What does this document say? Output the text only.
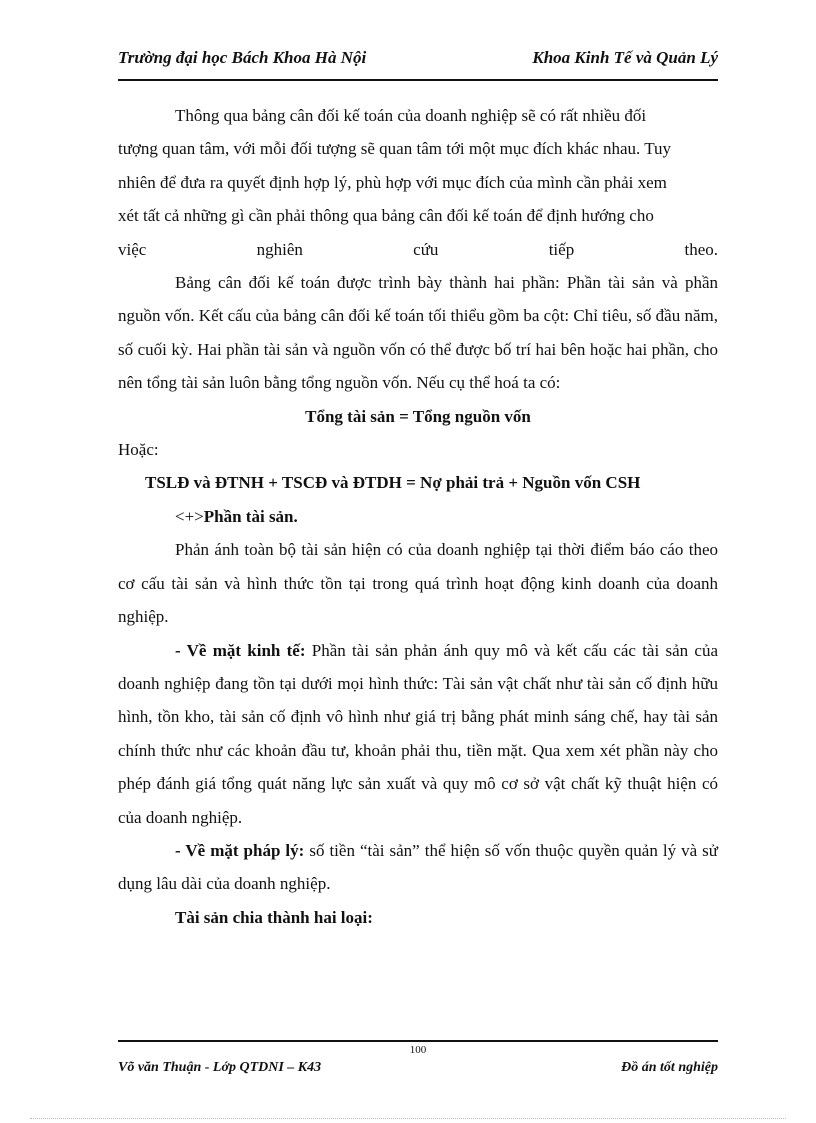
Trường đại học Bách Khoa Hà Nội	Khoa Kinh Tế và Quản Lý

Thông qua bảng cân đối kế toán của doanh nghiệp sẽ có rất nhiều đối

tượng quan tâm, với mỗi đối tượng sẽ quan tâm tới một mục đích khác nhau. Tuy

nhiên để đưa ra quyết định hợp lý, phù hợp với mục đích của mình cần phải xem

xét tất cả những gì cần phải thông qua bảng cân đối kế toán để định hướng cho

việc nghiên cứu tiếp theo.

Bảng cân đối kế toán được trình bày thành hai phần: Phần tài sản và phần nguồn vốn. Kết cấu của bảng cân đối kế toán tối thiểu gồm ba cột: Chỉ tiêu, số đầu năm, số cuối kỳ. Hai phần tài sản và nguồn vốn có thể được bố trí hai bên hoặc hai phần, cho nên tổng tài sản luôn bằng tổng nguồn vốn. Nếu cụ thể hoá ta có:

Tổng tài sản = Tổng nguồn vốn

Hoặc:

TSLĐ và ĐTNH + TSCĐ và ĐTDH = Nợ phải trả + Nguồn vốn CSH

<+>Phần tài sản.

Phản ánh toàn bộ tài sản hiện có của doanh nghiệp tại thời điểm báo cáo theo cơ cấu tài sản và hình thức tồn tại trong quá trình hoạt động kinh doanh của doanh nghiệp.

- Về mặt kinh tế: Phần tài sản phản ánh quy mô và kết cấu các tài sản của doanh nghiệp đang tồn tại dưới mọi hình thức: Tài sản vật chất như tài sản cố định hữu hình, tồn kho, tài sản cố định vô hình như giá trị bằng phát minh sáng chế, hay tài sản chính thức như các khoản đầu tư, khoản phải thu, tiền mặt. Qua xem xét phần này cho phép đánh giá tổng quát năng lực sản xuất và quy mô cơ sở vật chất kỹ thuật hiện có của doanh nghiệp.

- Về mặt pháp lý: số tiền “tài sản” thể hiện số vốn thuộc quyền quản lý và sử dụng lâu dài của doanh nghiệp.

Tài sản chia thành hai loại:

100
Võ văn Thuận - Lớp QTDNI – K43	Đồ án tốt nghiệp
